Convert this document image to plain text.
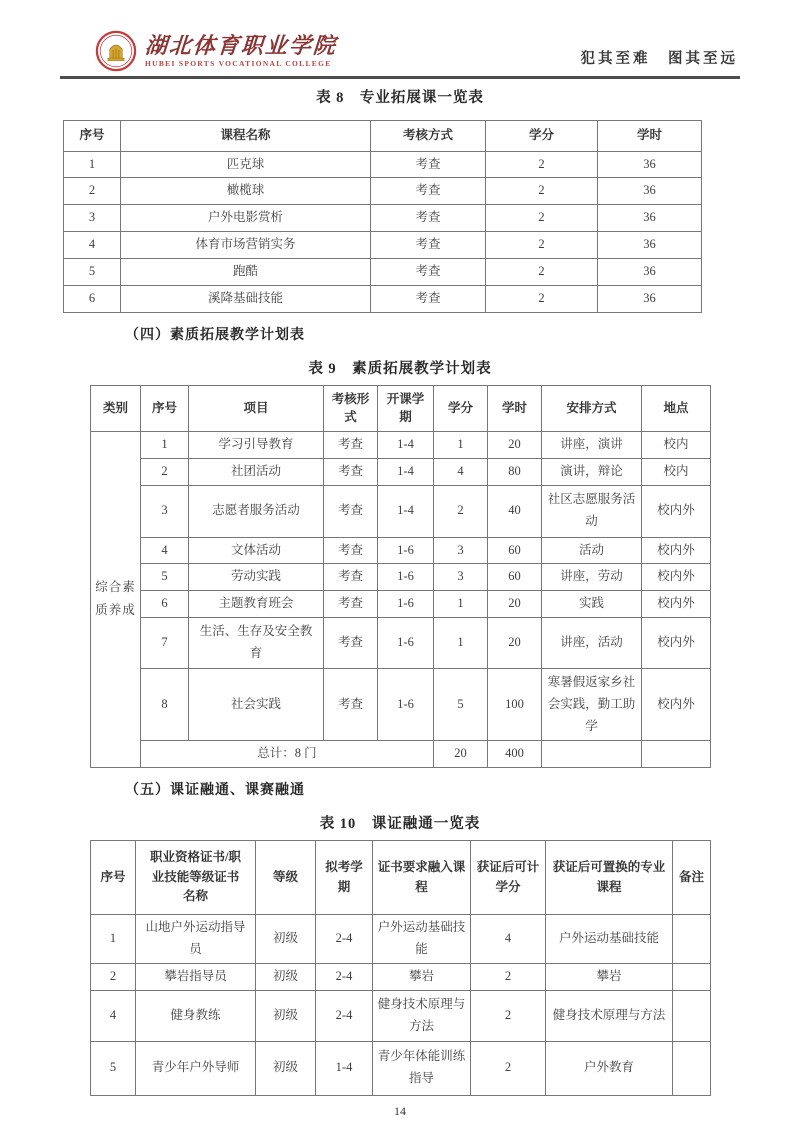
湖北体育职业学院
HUBEI SPORTS VOCATIONAL COLLEGE	犯其至难　图其至远
表 8　专业拓展课一览表
序号	课程名称	考核方式	学分	学时
1	匹克球	考查	2	36
2	橄榄球	考查	2	36
3	户外电影赏析	考查	2	36
4	体育市场营销实务	考查	2	36
5	跑酷	考查	2	36
6	溪降基础技能	考查	2	36
（四）素质拓展教学计划表
表 9　素质拓展教学计划表
类别	序号	项目	考核形式	开课学期	学分	学时	安排方式	地点
综合素质养成	1	学习引导教育	考查	1-4	1	20	讲座，演讲	校内
	2	社团活动	考查	1-4	4	80	演讲，辩论	校内
	3	志愿者服务活动	考查	1-4	2	40	社区志愿服务活动	校内外
	4	文体活动	考查	1-6	3	60	活动	校内外
	5	劳动实践	考查	1-6	3	60	讲座，劳动	校内外
	6	主题教育班会	考查	1-6	1	20	实践	校内外
	7	生活、生存及安全教育	考查	1-6	1	20	讲座，活动	校内外
	8	社会实践	考查	1-6	5	100	寒暑假返家乡社会实践，勤工助学	校内外
	总计：8 门				20	400		
（五）课证融通、课赛融通
表 10　课证融通一览表
序号	职业资格证书/职业技能等级证书名称	等级	拟考学期	证书要求融入课程	获证后可计学分	获证后可置换的专业课程	备注
1	山地户外运动指导员	初级	2-4	户外运动基础技能	4	户外运动基础技能	
2	攀岩指导员	初级	2-4	攀岩	2	攀岩	
4	健身教练	初级	2-4	健身技术原理与方法	2	健身技术原理与方法	
5	青少年户外导师	初级	1-4	青少年体能训练指导	2	户外教育	
14
